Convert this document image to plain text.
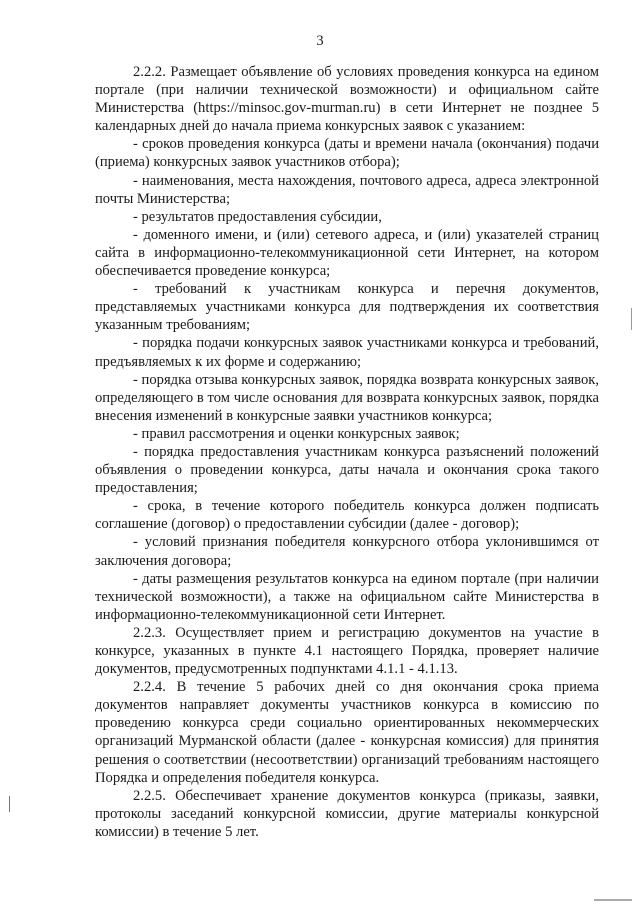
3

2.2.2. Размещает объявление об условиях проведения конкурса на едином портале (при наличии технической возможности) и официальном сайте Министерства (https://minsoc.gov-murman.ru) в сети Интернет не позднее 5 календарных дней до начала приема конкурсных заявок с указанием:

- сроков проведения конкурса (даты и времени начала (окончания) подачи (приема) конкурсных заявок участников отбора);

- наименования, места нахождения, почтового адреса, адреса электронной почты Министерства;

- результатов предоставления субсидии,

- доменного имени, и (или) сетевого адреса, и (или) указателей страниц сайта в информационно-телекоммуникационной сети Интернет, на котором обеспечивается проведение конкурса;

- требований к участникам конкурса и перечня документов, представляемых участниками конкурса для подтверждения их соответствия указанным требованиям;

- порядка подачи конкурсных заявок участниками конкурса и требований, предъявляемых к их форме и содержанию;

- порядка отзыва конкурсных заявок, порядка возврата конкурсных заявок, определяющего в том числе основания для возврата конкурсных заявок, порядка внесения изменений в конкурсные заявки участников конкурса;

- правил рассмотрения и оценки конкурсных заявок;

- порядка предоставления участникам конкурса разъяснений положений объявления о проведении конкурса, даты начала и окончания срока такого предоставления;

- срока, в течение которого победитель конкурса должен подписать соглашение (договор) о предоставлении субсидии (далее - договор);

- условий признания победителя конкурсного отбора уклонившимся от заключения договора;

- даты размещения результатов конкурса на едином портале (при наличии технической возможности), а также на официальном сайте Министерства в информационно-телекоммуникационной сети Интернет.

2.2.3. Осуществляет прием и регистрацию документов на участие в конкурсе, указанных в пункте 4.1 настоящего Порядка, проверяет наличие документов, предусмотренных подпунктами 4.1.1 - 4.1.13.

2.2.4. В течение 5 рабочих дней со дня окончания срока приема документов направляет документы участников конкурса в комиссию по проведению конкурса среди социально ориентированных некоммерческих организаций Мурманской области (далее - конкурсная комиссия) для принятия решения о соответствии (несоответствии) организаций требованиям настоящего Порядка и определения победителя конкурса.

2.2.5. Обеспечивает хранение документов конкурса (приказы, заявки, протоколы заседаний конкурсной комиссии, другие материалы конкурсной комиссии) в течение 5 лет.
